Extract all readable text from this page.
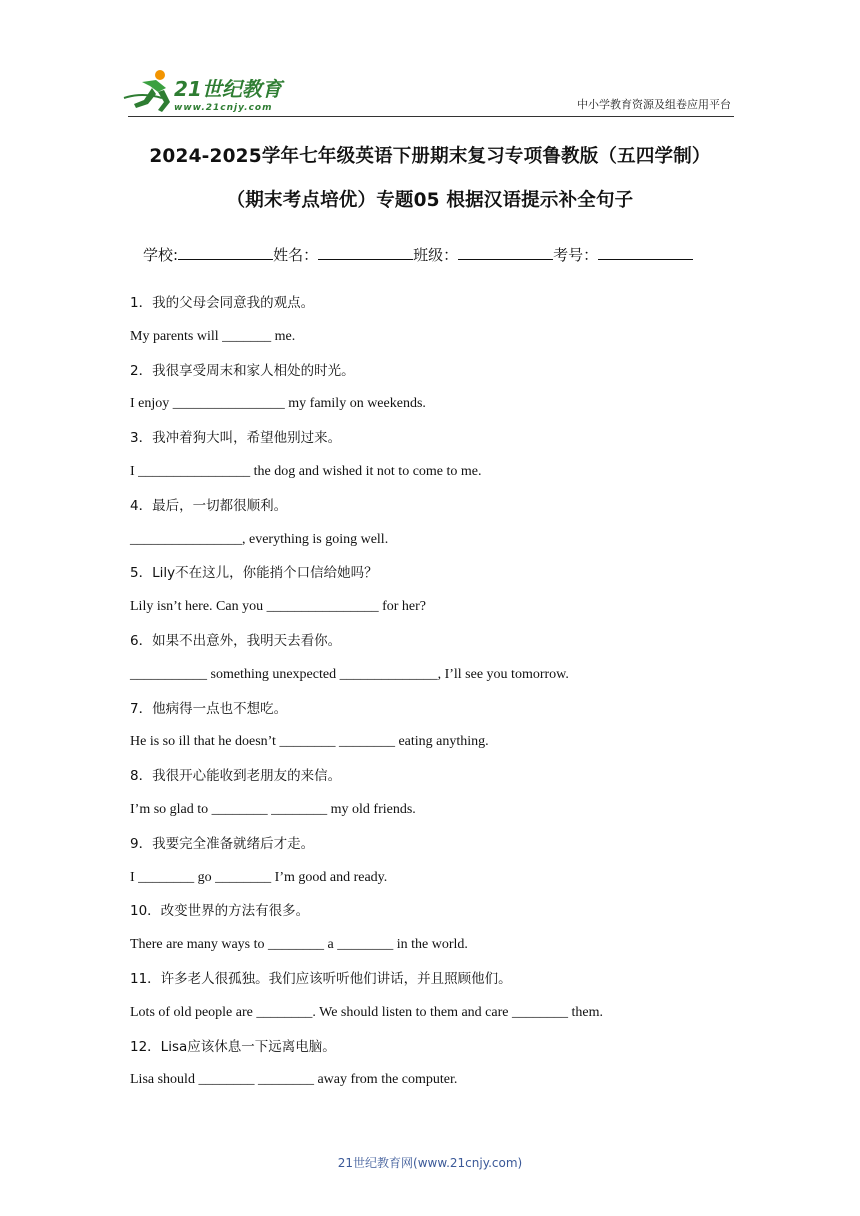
21世纪教育
www.21cnjy.com	中小学教育资源及组卷应用平台
2024-2025学年七年级英语下册期末复习专项鲁教版（五四学制）
（期末考点培优）专题05 根据汉语提示补全句子
学校:	姓名：	班级：	考号：
1．我的父母会同意我的观点。
My parents will _______ me.
2．我很享受周末和家人相处的时光。
I enjoy ________________ my family on weekends.
3．我冲着狗大叫，希望他别过来。
I ________________ the dog and wished it not to come to me.
4．最后，一切都很顺利。
________________, everything is going well.
5．Lily不在这儿，你能捎个口信给她吗？
Lily isn’t here. Can you ________________ for her?
6．如果不出意外，我明天去看你。
___________ something unexpected ______________, I’ll see you tomorrow.
7．他病得一点也不想吃。
He is so ill that he doesn’t ________ ________ eating anything.
8．我很开心能收到老朋友的来信。
I’m so glad to ________ ________ my old friends.
9．我要完全准备就绪后才走。
I ________ go ________ I’m good and ready.
10．改变世界的方法有很多。
There are many ways to ________ a ________ in the world.
11．许多老人很孤独。我们应该听听他们讲话，并且照顾他们。
Lots of old people are ________. We should listen to them and care ________ them.
12．Lisa应该休息一下远离电脑。
Lisa should ________ ________ away from the computer.
21世纪教育网(www.21cnjy.com)
